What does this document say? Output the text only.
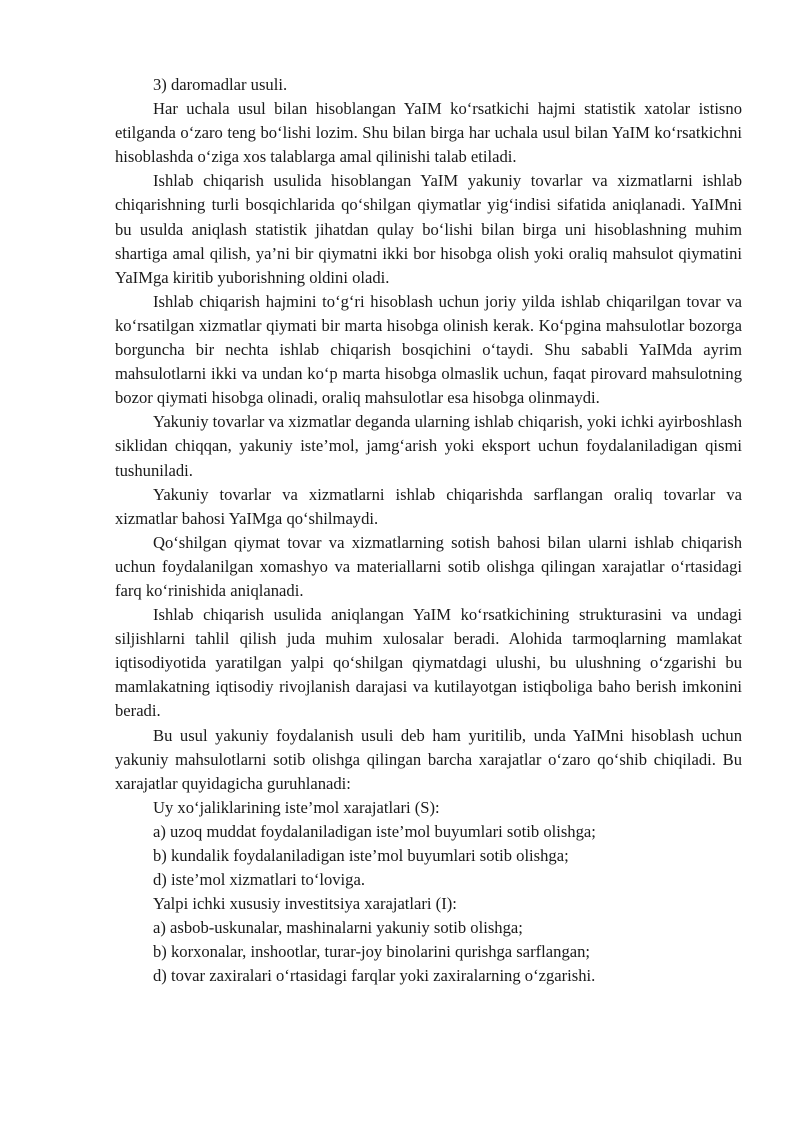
3) daromadlar usuli.

Har uchala usul bilan hisoblangan YaIM ko‘rsatkichi hajmi statistik xatolar istisno etilganda o‘zaro teng bo‘lishi lozim. Shu bilan birga har uchala usul bilan YaIM ko‘rsatkichni hisoblashda o‘ziga xos talablarga amal qilinishi talab etiladi.

Ishlab chiqarish usulida hisoblangan YaIM yakuniy tovarlar va xizmatlarni ishlab chiqarishning turli bosqichlarida qo‘shilgan qiymatlar yig‘indisi sifatida aniqlanadi. YaIMni bu usulda aniqlash statistik jihatdan qulay bo‘lishi bilan birga uni hisoblashning muhim shartiga amal qilish, ya’ni bir qiymatni ikki bor hisobga olish yoki oraliq mahsulot qiymatini YaIMga kiritib yuborishning oldini oladi.

Ishlab chiqarish hajmini to‘g‘ri hisoblash uchun joriy yilda ishlab chiqarilgan tovar va ko‘rsatilgan xizmatlar qiymati bir marta hisobga olinish kerak. Ko‘pgina mahsulotlar bozorga borguncha bir nechta ishlab chiqarish bosqichini o‘taydi. Shu sababli YaIMda ayrim mahsulotlarni ikki va undan ko‘p marta hisobga olmaslik uchun, faqat pirovard mahsulotning bozor qiymati hisobga olinadi, oraliq mahsulotlar esa hisobga olinmaydi.

Yakuniy tovarlar va xizmatlar deganda ularning ishlab chiqarish, yoki ichki ayirboshlash siklidan chiqqan, yakuniy iste’mol, jamg‘arish yoki eksport uchun foydalaniladigan qismi tushuniladi.

Yakuniy tovarlar va xizmatlarni ishlab chiqarishda sarflangan oraliq tovarlar va xizmatlar bahosi YaIMga qo‘shilmaydi.

Qo‘shilgan qiymat tovar va xizmatlarning sotish bahosi bilan ularni ishlab chiqarish uchun foydalanilgan xomashyo va materiallarni sotib olishga qilingan xarajatlar o‘rtasidagi farq ko‘rinishida aniqlanadi.

Ishlab chiqarish usulida aniqlangan YaIM ko‘rsatkichining strukturasini va undagi siljishlarni tahlil qilish juda muhim xulosalar beradi. Alohida tarmoqlarning mamlakat iqtisodiyotida yaratilgan yalpi qo‘shilgan qiymatdagi ulushi, bu ulushning o‘zgarishi bu mamlakatning iqtisodiy rivojlanish darajasi va kutilayotgan istiqboliga baho berish imkonini beradi.

Bu usul yakuniy foydalanish usuli deb ham yuritilib, unda YaIMni hisoblash uchun yakuniy mahsulotlarni sotib olishga qilingan barcha xarajatlar o‘zaro qo‘shib chiqiladi. Bu xarajatlar quyidagicha guruhlanadi:

Uy xo‘jaliklarining iste’mol xarajatlari (S):

a) uzoq muddat foydalaniladigan iste’mol buyumlari sotib olishga;

b) kundalik foydalaniladigan iste’mol buyumlari sotib olishga;

d) iste’mol xizmatlari to‘loviga.

Yalpi ichki xususiy investitsiya xarajatlari (I):

a) asbob-uskunalar, mashinalarni yakuniy sotib olishga;

b) korxonalar, inshootlar, turar-joy binolarini qurishga sarflangan;

d) tovar zaxiralari o‘rtasidagi farqlar yoki zaxiralarning o‘zgarishi.
